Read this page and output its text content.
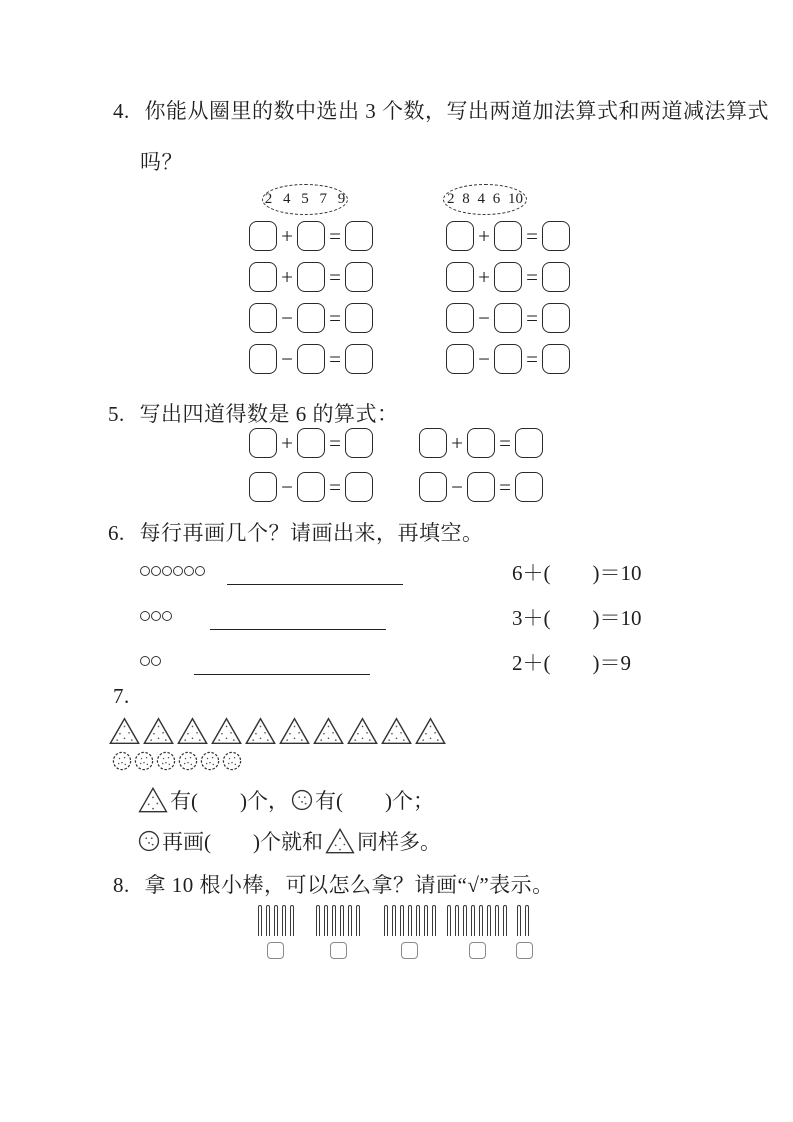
4. 你能从圈里的数中选出 3 个数，写出两道加法算式和两道减法算式
吗？
2 4 5 7 9	2 8 4 6 10
+ =
+ =
− =
− =
+ =
+ =
− =
− =
5. 写出四道得数是 6 的算式：
+ =
− =
+ =
− =
6. 每行再画几个？请画出来，再填空。
6＋(　　)＝10
3＋(　　)＝10
2＋(　　)＝9
7.
有(　　)个， 有(　　)个；
再画(　　)个就和 同样多。
8. 拿 10 根小棒，可以怎么拿？请画“√”表示。
